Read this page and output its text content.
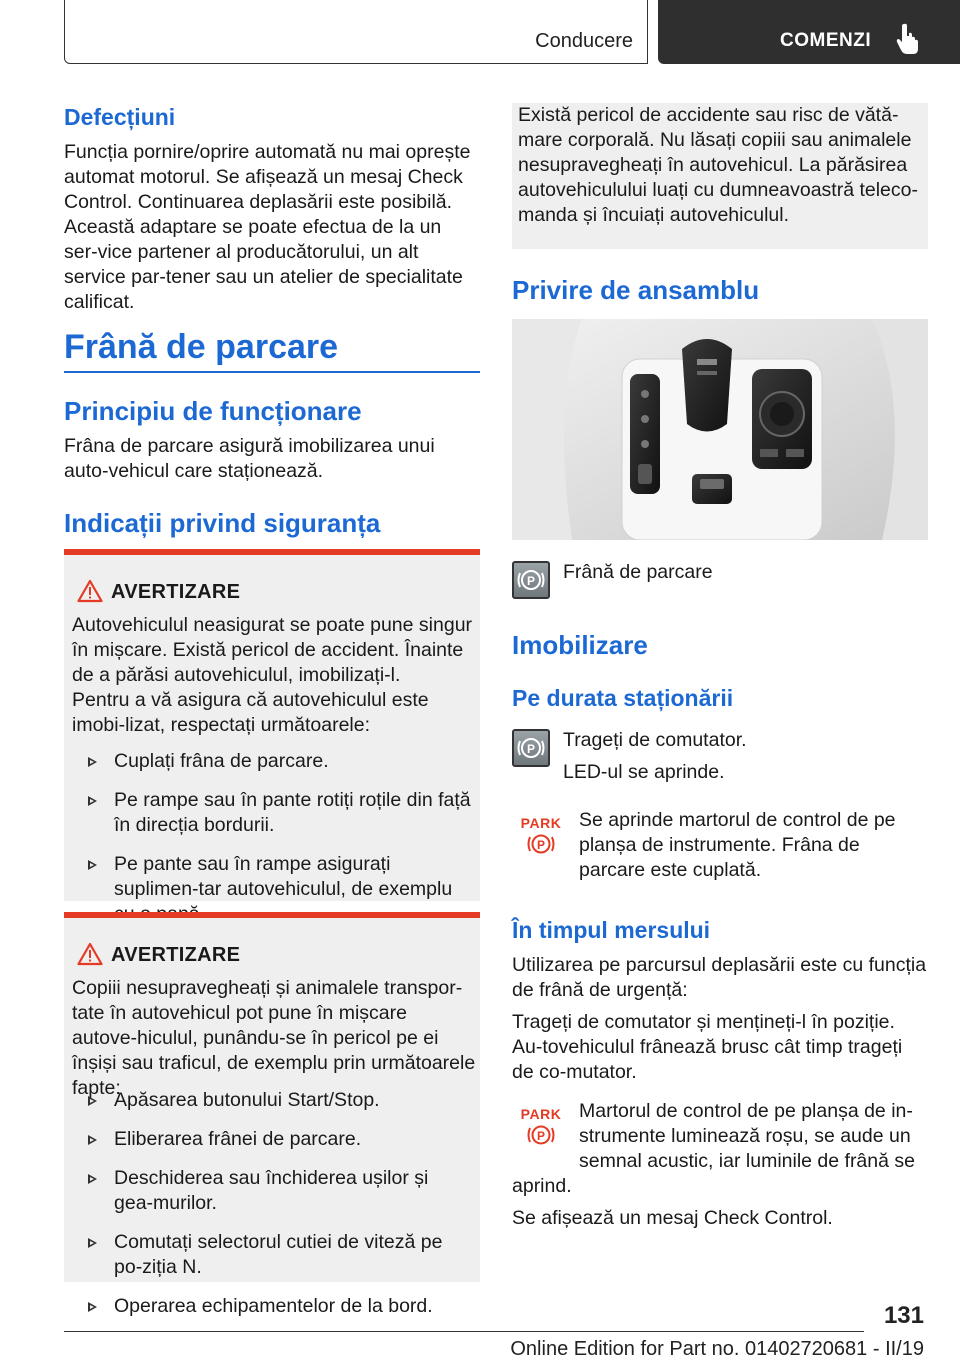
Conducere	COMENZI
Defecțiuni

Funcția pornire/oprire automată nu mai oprește automat motorul. Se afișează un mesaj Check Control. Continuarea deplasării este posibilă. Această adaptare se poate efectua de la un ser-vice partener al producătorului, un alt service par-tener sau un atelier de specialitate calificat.

Frână de parcare
Principiu de funcționare

Frâna de parcare asigură imobilizarea unui auto-vehicul care staționează.

Indicații privind siguranța
AVERTIZARE

Autovehiculul neasigurat se poate pune singur în mișcare. Există pericol de accident. Înainte de a părăsi autovehiculul, imobilizați-l.

Pentru a vă asigura că autovehiculul este imobi-lizat, respectați următoarele:

Cuplați frâna de parcare.
Pe rampe sau în pante rotiți roțile din față în direcția bordurii.
Pe pante sau în rampe asigurați suplimen-tar autovehiculul, de exemplu
AVERTIZARE

Copiii nesupravegheați și animalele transpor-tate în autovehicul pot pune în mișcare autove-hiculul, punându-se în pericol pe ei înșiși sau traficul, de exemplu prin următoarele fapte:

Apăsarea butonului Start/Stop.
Eliberarea frânei de parcare.
Deschiderea sau închiderea ușilor și gea-murilor.
Comutați selectorul cutiei de viteză pe po-ziția N.
Operarea echipamentelor de la bord.

Există pericol de accidente sau risc de vătă-mare corporală. Nu lăsați copiii sau animalele nesupravegheați în autovehicul. La părăsirea autovehiculului luați cu dumneavoastră teleco-manda și încuiați autovehiculul.

Privire de ansamblu
P Frână de parcare

Imobilizare
Pe durata staționării
P Trageți de comutator.

LED-ul se aprinde.

PARK
P

Se aprinde martorul de control de pe planșa de instrumente. Frâna de parcare este cuplată.

În timpul mersului

Utilizarea pe parcursul deplasării este cu funcția de frână de urgență:

Trageți de comutator și mențineți-l în poziție. Au-tovehiculul frânează brusc cât timp trageți de co-mutator.

PARK
P

Martorul de control de pe planșa de in-strumente luminează roșu, se aude un semnal acustic, iar luminile de frână se

aprind.

Se afișează un mesaj Check Control.

131
Online Edition for Part no. 01402720681 - II/19
